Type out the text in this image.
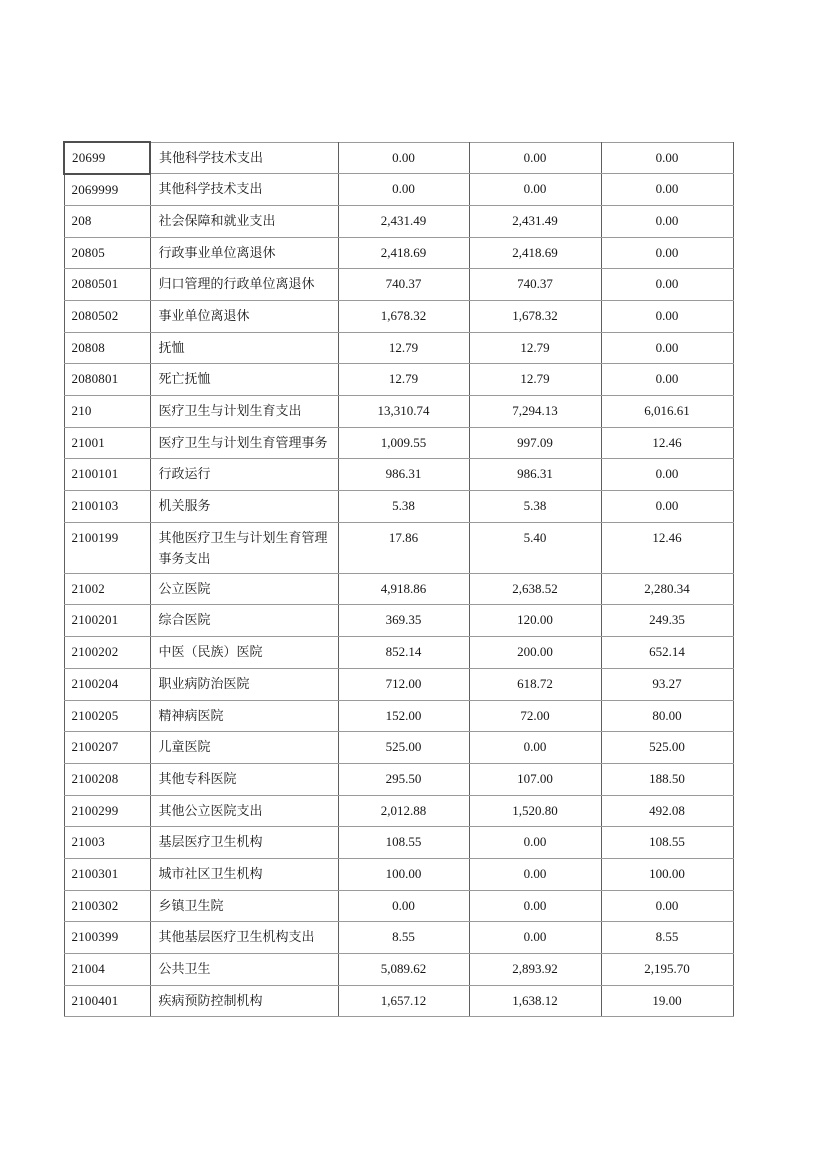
20699	其他科学技术支出	0.00	0.00	0.00
2069999	其他科学技术支出	0.00	0.00	0.00
208	社会保障和就业支出	2,431.49	2,431.49	0.00
20805	行政事业单位离退休	2,418.69	2,418.69	0.00
2080501	归口管理的行政单位离退休	740.37	740.37	0.00
2080502	事业单位离退休	1,678.32	1,678.32	0.00
20808	抚恤	12.79	12.79	0.00
2080801	死亡抚恤	12.79	12.79	0.00
210	医疗卫生与计划生育支出	13,310.74	7,294.13	6,016.61
21001	医疗卫生与计划生育管理事务	1,009.55	997.09	12.46
2100101	行政运行	986.31	986.31	0.00
2100103	机关服务	5.38	5.38	0.00
2100199	其他医疗卫生与计划生育管理事务支出	17.86	5.40	12.46
21002	公立医院	4,918.86	2,638.52	2,280.34
2100201	综合医院	369.35	120.00	249.35
2100202	中医（民族）医院	852.14	200.00	652.14
2100204	职业病防治医院	712.00	618.72	93.27
2100205	精神病医院	152.00	72.00	80.00
2100207	儿童医院	525.00	0.00	525.00
2100208	其他专科医院	295.50	107.00	188.50
2100299	其他公立医院支出	2,012.88	1,520.80	492.08
21003	基层医疗卫生机构	108.55	0.00	108.55
2100301	城市社区卫生机构	100.00	0.00	100.00
2100302	乡镇卫生院	0.00	0.00	0.00
2100399	其他基层医疗卫生机构支出	8.55	0.00	8.55
21004	公共卫生	5,089.62	2,893.92	2,195.70
2100401	疾病预防控制机构	1,657.12	1,638.12	19.00
